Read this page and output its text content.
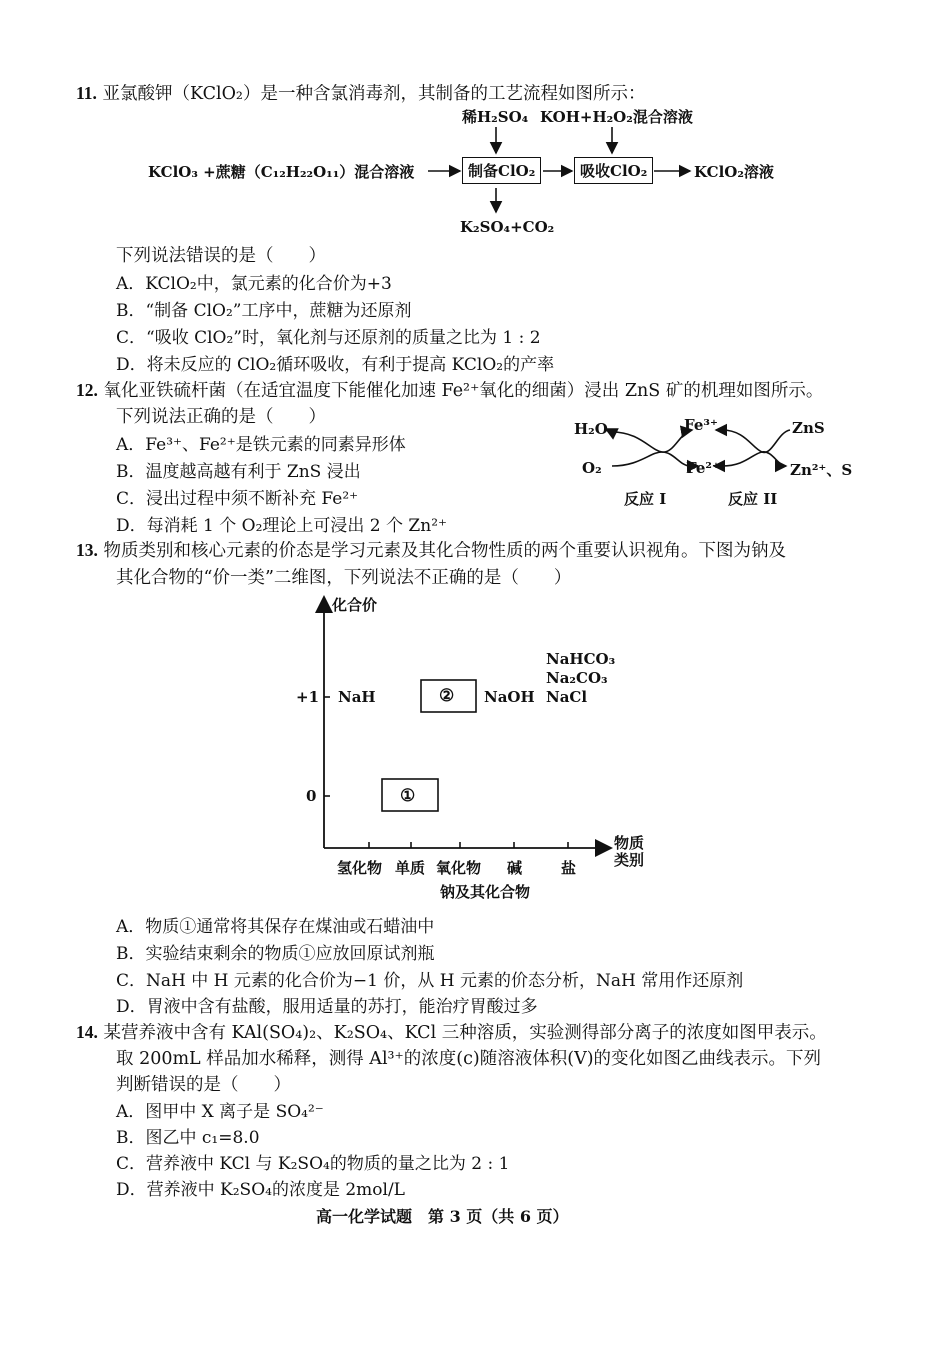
11. 亚氯酸钾（KClO₂）是一种含氯消毒剂，其制备的工艺流程如图所示：
稀H₂SO₄ KOH+H₂O₂混合溶液
KClO₃ +蔗糖（C₁₂H₂₂O₁₁）混合溶液	制备ClO₂	吸收ClO₂	KClO₂溶液
K₂SO₄+CO₂
下列说法错误的是（　　）
A．KClO₂中，氯元素的化合价为+3
B．“制备 ClO₂”工序中，蔗糖为还原剂
C．“吸收 ClO₂”时，氧化剂与还原剂的质量之比为 1 : 2
D．将未反应的 ClO₂循环吸收，有利于提高 KClO₂的产率
12. 氧化亚铁硫杆菌（在适宜温度下能催化加速 Fe²⁺氧化的细菌）浸出 ZnS 矿的机理如图所示。
下列说法正确的是（　　）
A．Fe³⁺、Fe²⁺是铁元素的同素异形体
B．温度越高越有利于 ZnS 浸出
C．浸出过程中须不断补充 Fe²⁺
D．每消耗 1 个 O₂理论上可浸出 2 个 Zn²⁺
H₂O
O₂
Fe³⁺
Fe²⁺
ZnS
Zn²⁺、S
反应 I	反应 II
13. 物质类别和核心元素的价态是学习元素及其化合物性质的两个重要认识视角。下图为钠及
其化合物的“价一类”二维图，下列说法不正确的是（　　）
化合价
+1
0
NaH	② NaOH
NaHCO₃
Na₂CO₃
NaCl
①
物质
类别
氢化物 单质 氧化物 碱	盐
钠及其化合物
A．物质①通常将其保存在煤油或石蜡油中
B．实验结束剩余的物质①应放回原试剂瓶
C．NaH 中 H 元素的化合价为−1 价，从 H 元素的价态分析，NaH 常用作还原剂
D．胃液中含有盐酸，服用适量的苏打，能治疗胃酸过多
14. 某营养液中含有 KAl(SO₄)₂、K₂SO₄、KCl 三种溶质，实验测得部分离子的浓度如图甲表示。
取 200mL 样品加水稀释，测得 Al³⁺的浓度(c)随溶液体积(V)的变化如图乙曲线表示。下列
判断错误的是（　　）
A．图甲中 X 离子是 SO₄²⁻
B．图乙中 c₁=8.0
C．营养液中 KCl 与 K₂SO₄的物质的量之比为 2 : 1
D．营养液中 K₂SO₄的浓度是 2mol/L
高一化学试题　第 3 页（共 6 页）
